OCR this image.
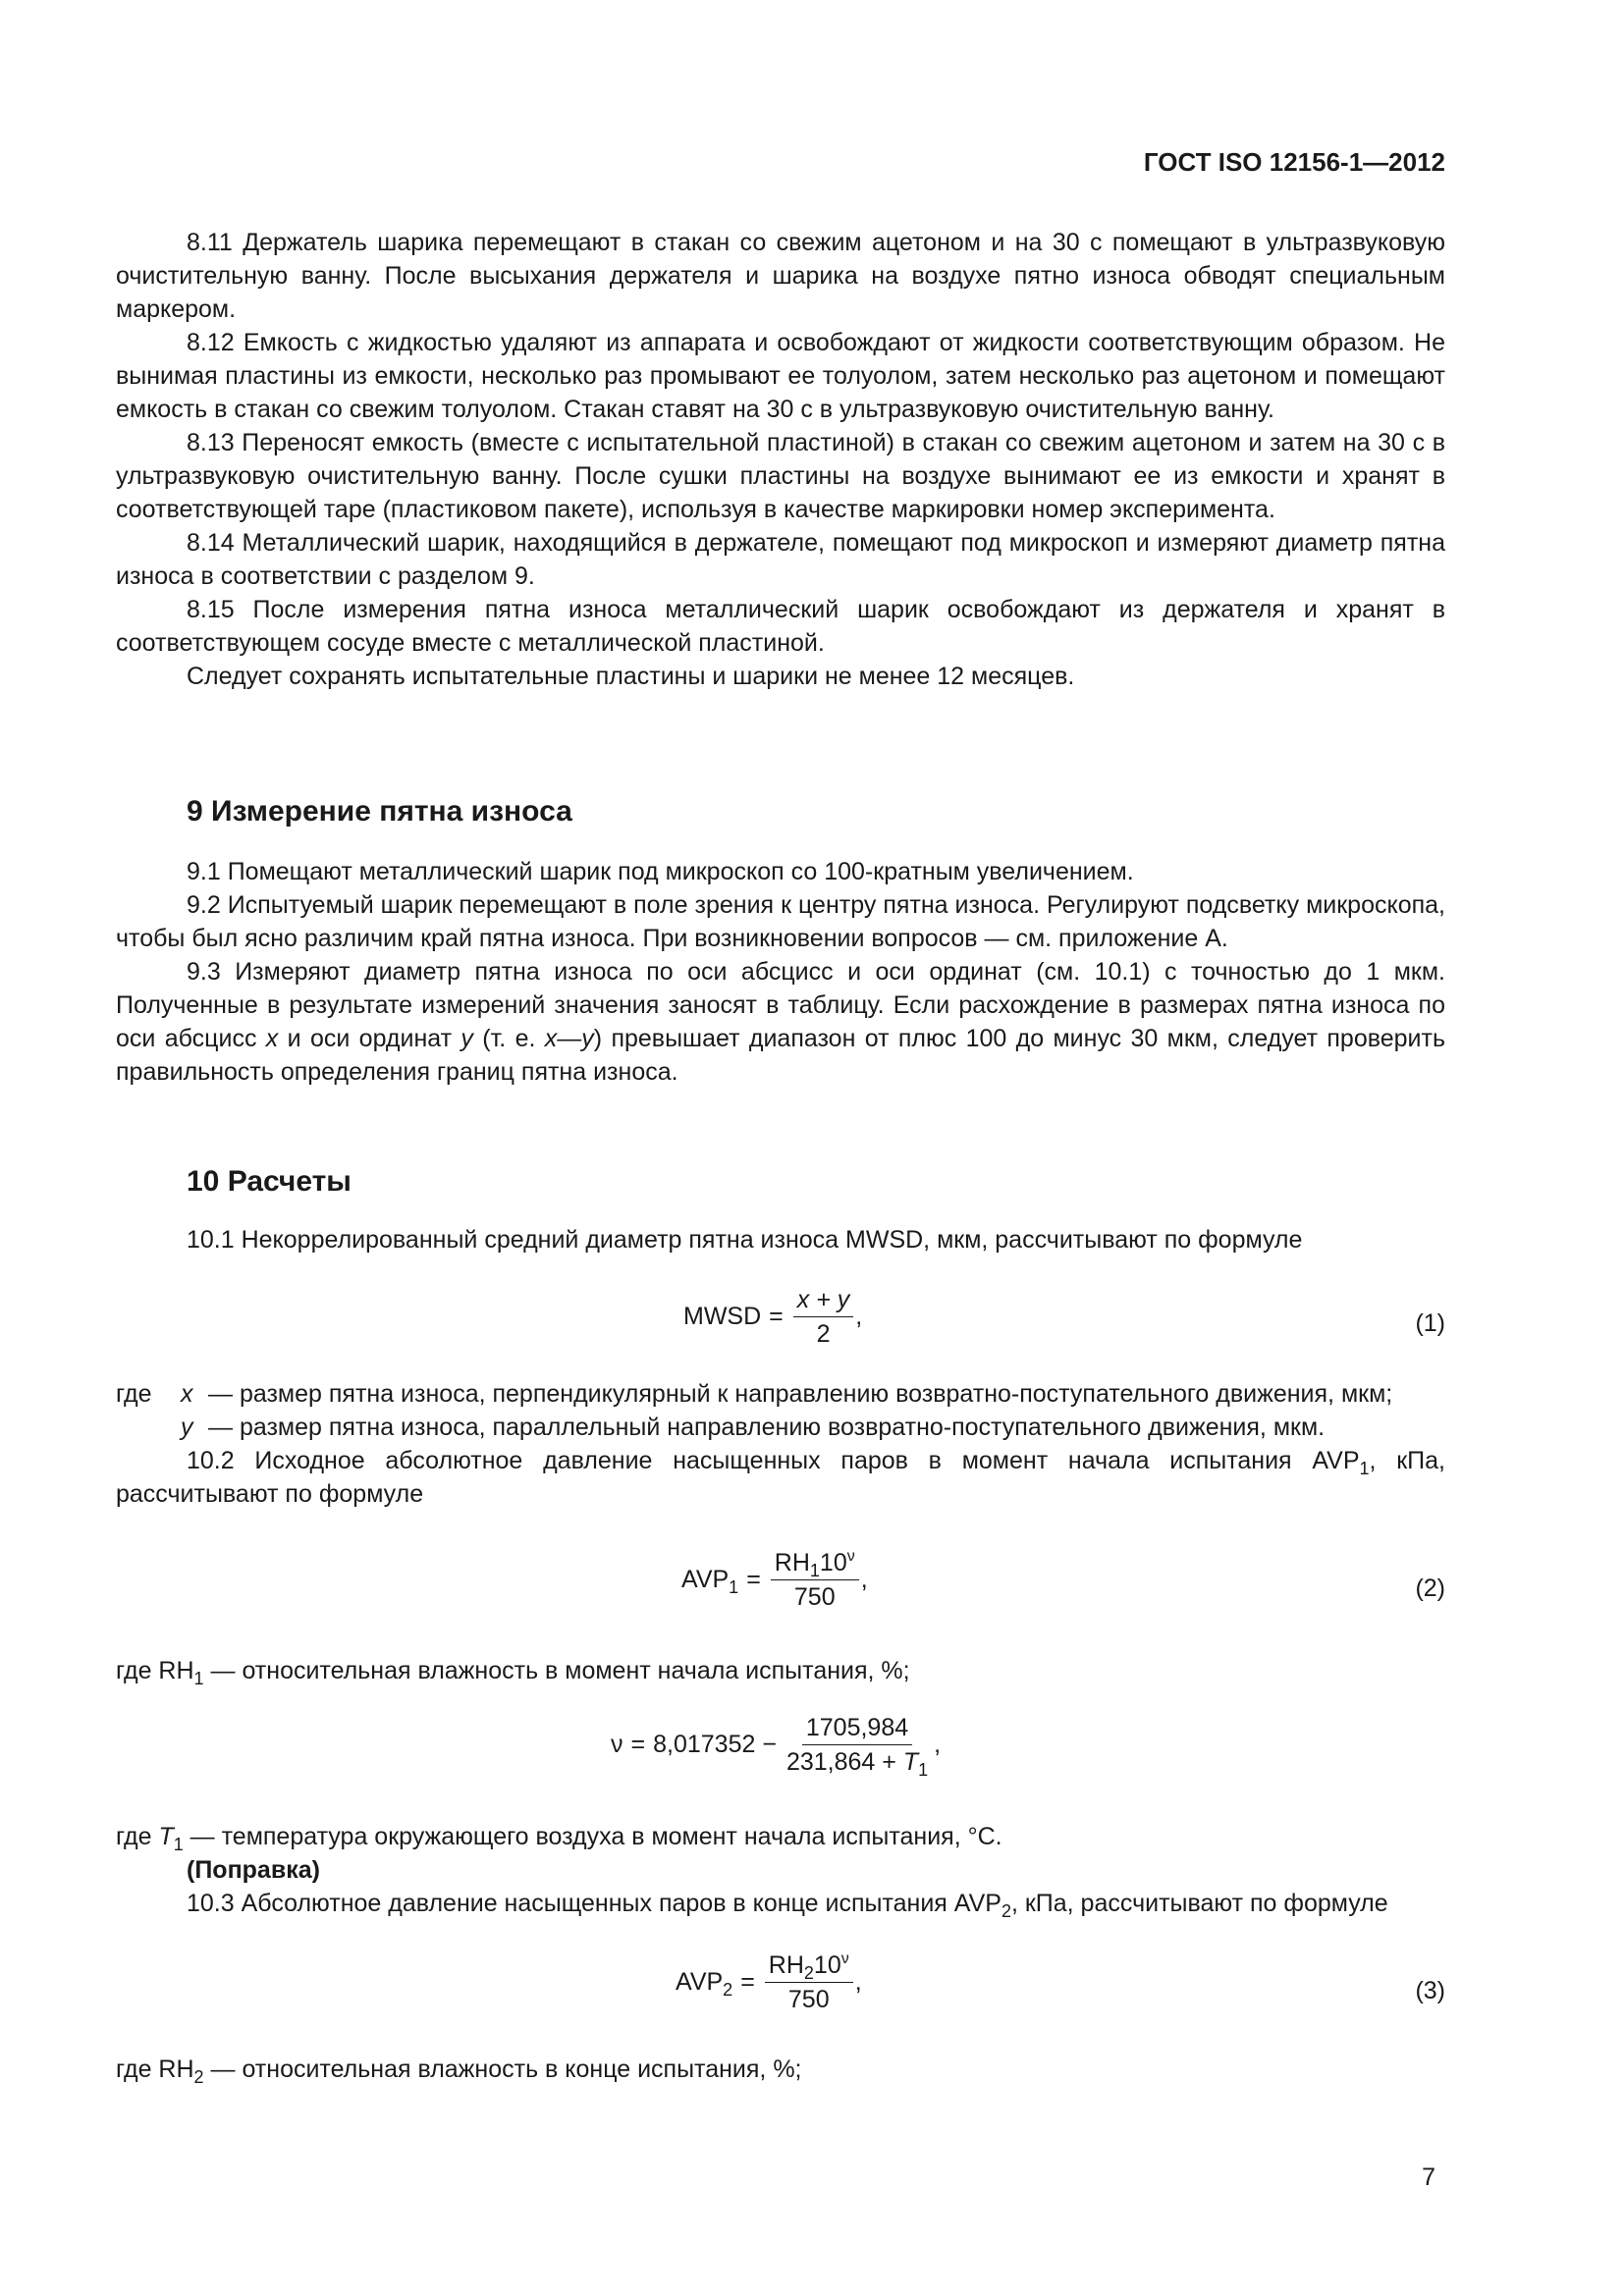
ГОСТ ISO 12156-1—2012

8.11 Держатель шарика перемещают в стакан со свежим ацетоном и на 30 с помещают в ультразвуковую очистительную ванну. После высыхания держателя и шарика на воздухе пятно износа обводят специальным маркером.

8.12 Емкость с жидкостью удаляют из аппарата и освобождают от жидкости соответствующим образом. Не вынимая пластины из емкости, несколько раз промывают ее толуолом, затем несколько раз ацетоном и помещают емкость в стакан со свежим толуолом. Стакан ставят на 30 с в ультразвуковую очистительную ванну.

8.13 Переносят емкость (вместе с испытательной пластиной) в стакан со свежим ацетоном и затем на 30 с в ультразвуковую очистительную ванну. После сушки пластины на воздухе вынимают ее из емкости и хранят в соответствующей таре (пластиковом пакете), используя в качестве маркировки номер эксперимента.

8.14 Металлический шарик, находящийся в держателе, помещают под микроскоп и измеряют диаметр пятна износа в соответствии с разделом 9.

8.15 После измерения пятна износа металлический шарик освобождают из держателя и хранят в соответствующем сосуде вместе с металлической пластиной.

Следует сохранять испытательные пластины и шарики не менее 12 месяцев.

9 Измерение пятна износа

9.1 Помещают металлический шарик под микроскоп со 100-кратным увеличением.

9.2 Испытуемый шарик перемещают в поле зрения к центру пятна износа. Регулируют подсветку микроскопа, чтобы был ясно различим край пятна износа. При возникновении вопросов — см. приложение А.

9.3 Измеряют диаметр пятна износа по оси абсцисс и оси ординат (см. 10.1) с точностью до 1 мкм. Полученные в результате измерений значения заносят в таблицу. Если расхождение в размерах пятна износа по оси абсцисс x и оси ординат y (т. е. x—y) превышает диапазон от плюс 100 до минус 30 мкм, следует проверить правильность определения границ пятна износа.

10 Расчеты

10.1 Некоррелированный средний диаметр пятна износа MWSD, мкм, рассчитывают по формуле

MWSD = $\frac{x + y}{2}$ ,	(1)
где	x — размер пятна износа, перпендикулярный к направлению возвратно-поступательного движения, мкм;
y — размер пятна износа, параллельный направлению возвратно-поступательного движения, мкм.

10.2 Исходное абсолютное давление насыщенных паров в момент начала испытания $AVP_1$, кПа, рассчитывают по формуле

$AVP_1 = \frac{RH_110^\nu}{750}$ ,	(2)

где $RH_1$ — относительная влажность в момент начала испытания, %;

$\nu = 8,017352 - \frac{1705,984}{231,864 + T_1}$ ,

где $T_1$ — температура окружающего воздуха в момент начала испытания, °С.

(Поправка)

10.3 Абсолютное давление насыщенных паров в конце испытания $AVP_2$, кПа, рассчитывают по формуле

$AVP_2 = \frac{RH_210^\nu}{750}$ ,	(3)

где $RH_2$ — относительная влажность в конце испытания, %;

7
